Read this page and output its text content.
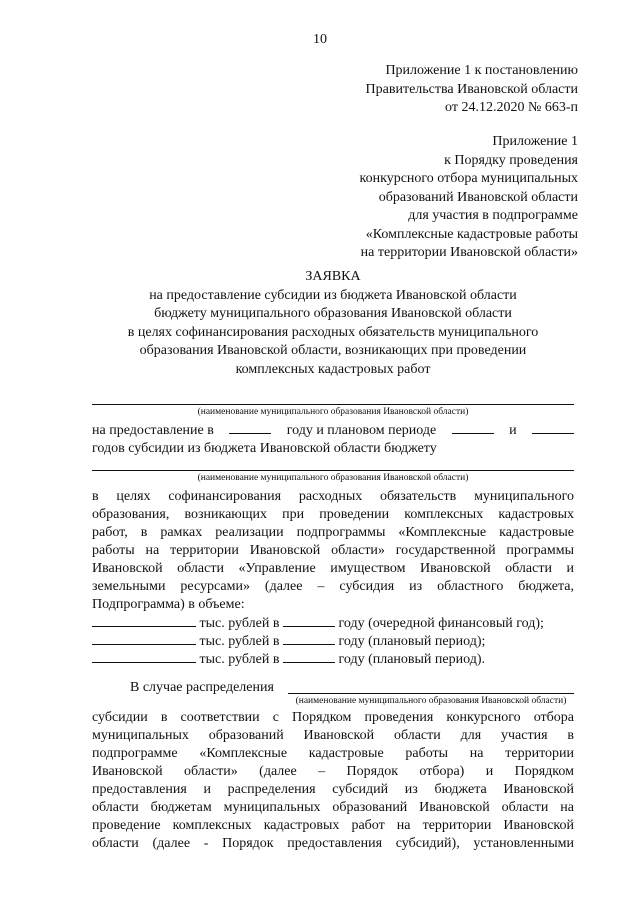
10
Приложение 1 к постановлению
Правительства Ивановской области
от 24.12.2020 № 663-п
Приложение 1
к Порядку проведения
конкурсного отбора муниципальных
образований Ивановской области
для участия в подпрограмме
«Комплексные кадастровые работы
на территории Ивановской области»
ЗАЯВКА
на предоставление субсидии из бюджета Ивановской области
бюджету муниципального образования Ивановской области
в целях софинансирования расходных обязательств муниципального
образования Ивановской области, возникающих при проведении
комплексных кадастровых работ
(наименование муниципального образования Ивановской области)
на предоставление в	году и плановом периоде	и
годов субсидии из бюджета Ивановской области бюджету
(наименование муниципального образования Ивановской области)
в целях софинансирования расходных обязательств муниципального
образования, возникающих при проведении комплексных кадастровых
работ, в рамках реализации подпрограммы «Комплексные кадастровые
работы на территории Ивановской области» государственной программы
Ивановской области «Управление имуществом Ивановской области и
земельными ресурсами» (далее – субсидия из областного бюджета,
Подпрограмма) в объеме:
тыс. рублей в	году (очередной финансовый год);
тыс. рублей в	году (плановый период);
тыс. рублей в	году (плановый период).
В случае распределения
(наименование муниципального образования Ивановской области)
субсидии в соответствии с Порядком проведения конкурсного отбора
муниципальных образований Ивановской области для участия в
подпрограмме «Комплексные кадастровые работы на территории
Ивановской области» (далее – Порядок отбора) и Порядком
предоставления и распределения субсидий из бюджета Ивановской
области бюджетам муниципальных образований Ивановской области на
проведение комплексных кадастровых работ на территории Ивановской
области (далее - Порядок предоставления субсидий), установленными
